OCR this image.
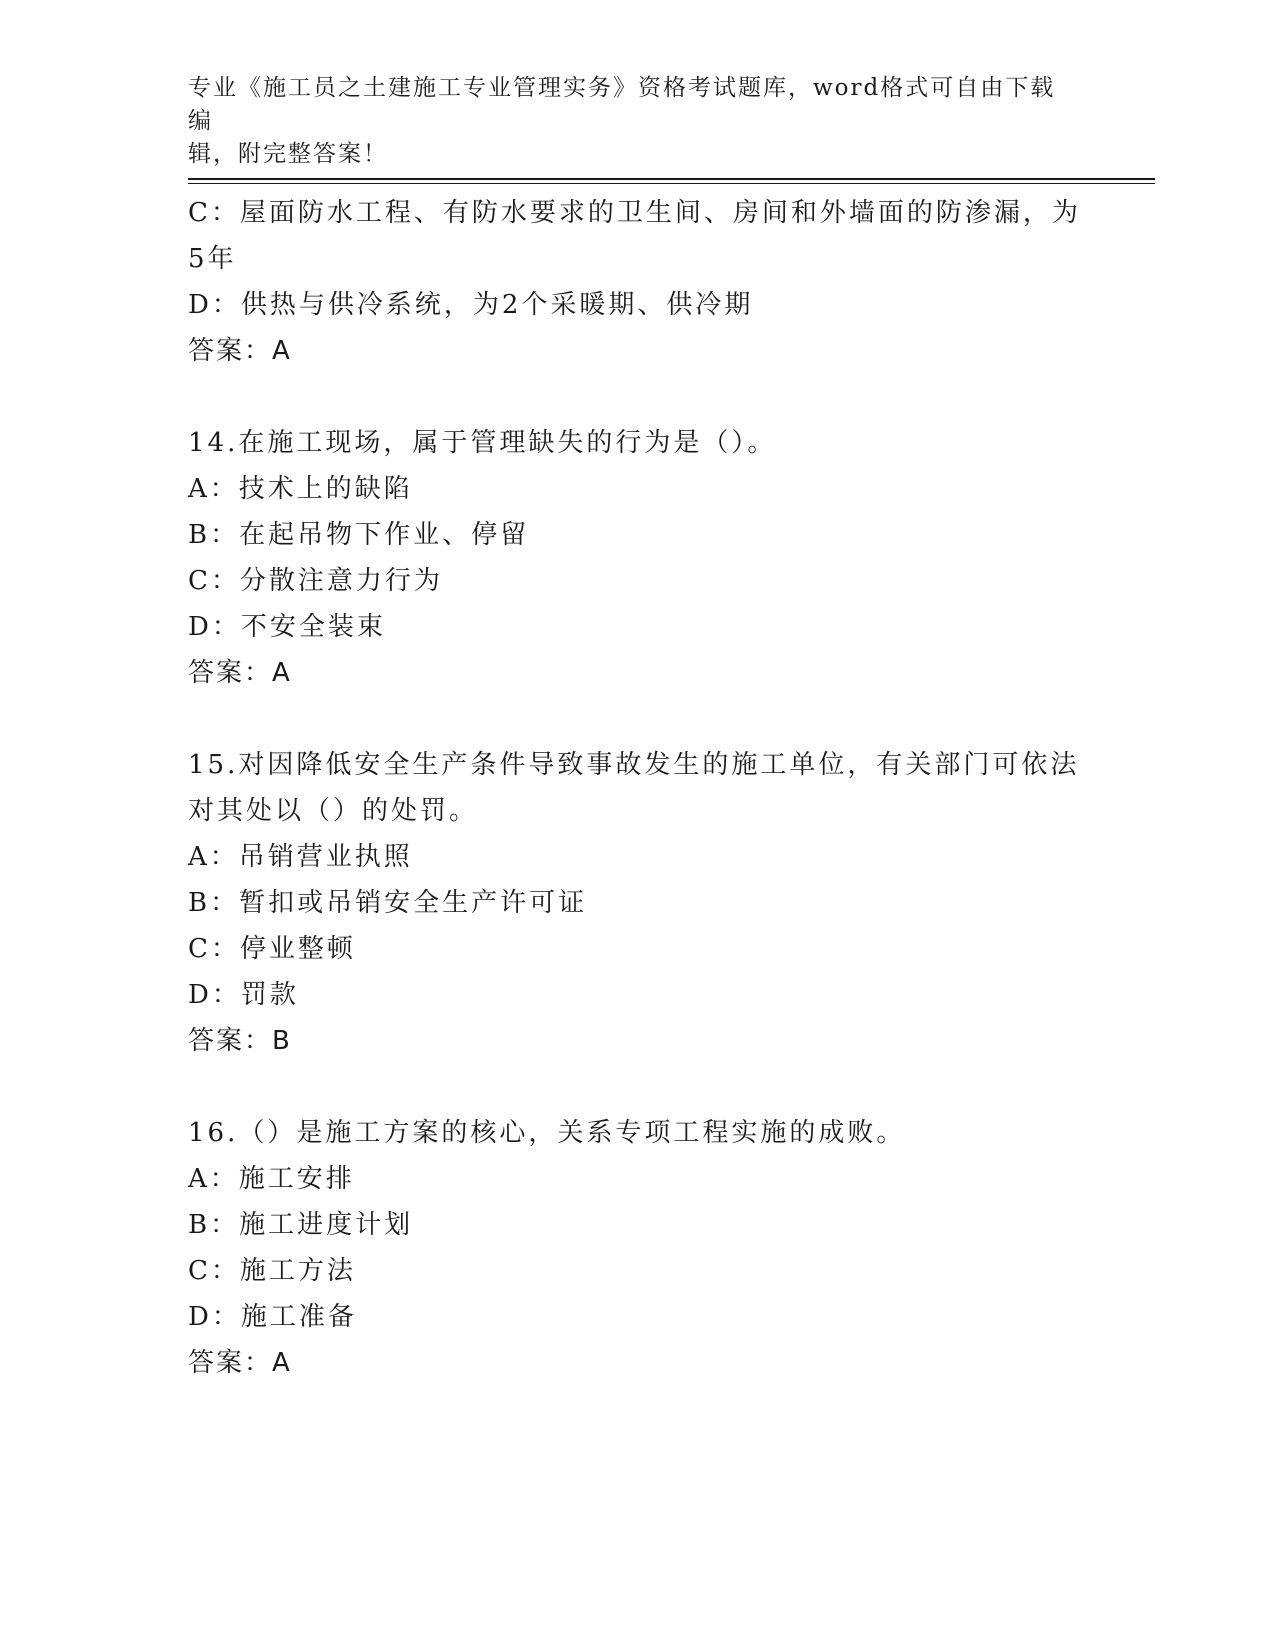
专业《施工员之土建施工专业管理实务》资格考试题库，word格式可自由下载编
辑，附完整答案！
C：屋面防水工程、有防水要求的卫生间、房间和外墙面的防渗漏，为
5年
D：供热与供冷系统，为2个采暖期、供冷期
答案：A
14.在施工现场，属于管理缺失的行为是（）。
A：技术上的缺陷
B：在起吊物下作业、停留
C：分散注意力行为
D：不安全装束
答案：A
15.对因降低安全生产条件导致事故发生的施工单位，有关部门可依法
对其处以（）的处罚。
A：吊销营业执照
B：暂扣或吊销安全生产许可证
C：停业整顿
D：罚款
答案：B
16.（）是施工方案的核心，关系专项工程实施的成败。
A：施工安排
B：施工进度计划
C：施工方法
D：施工准备
答案：A
